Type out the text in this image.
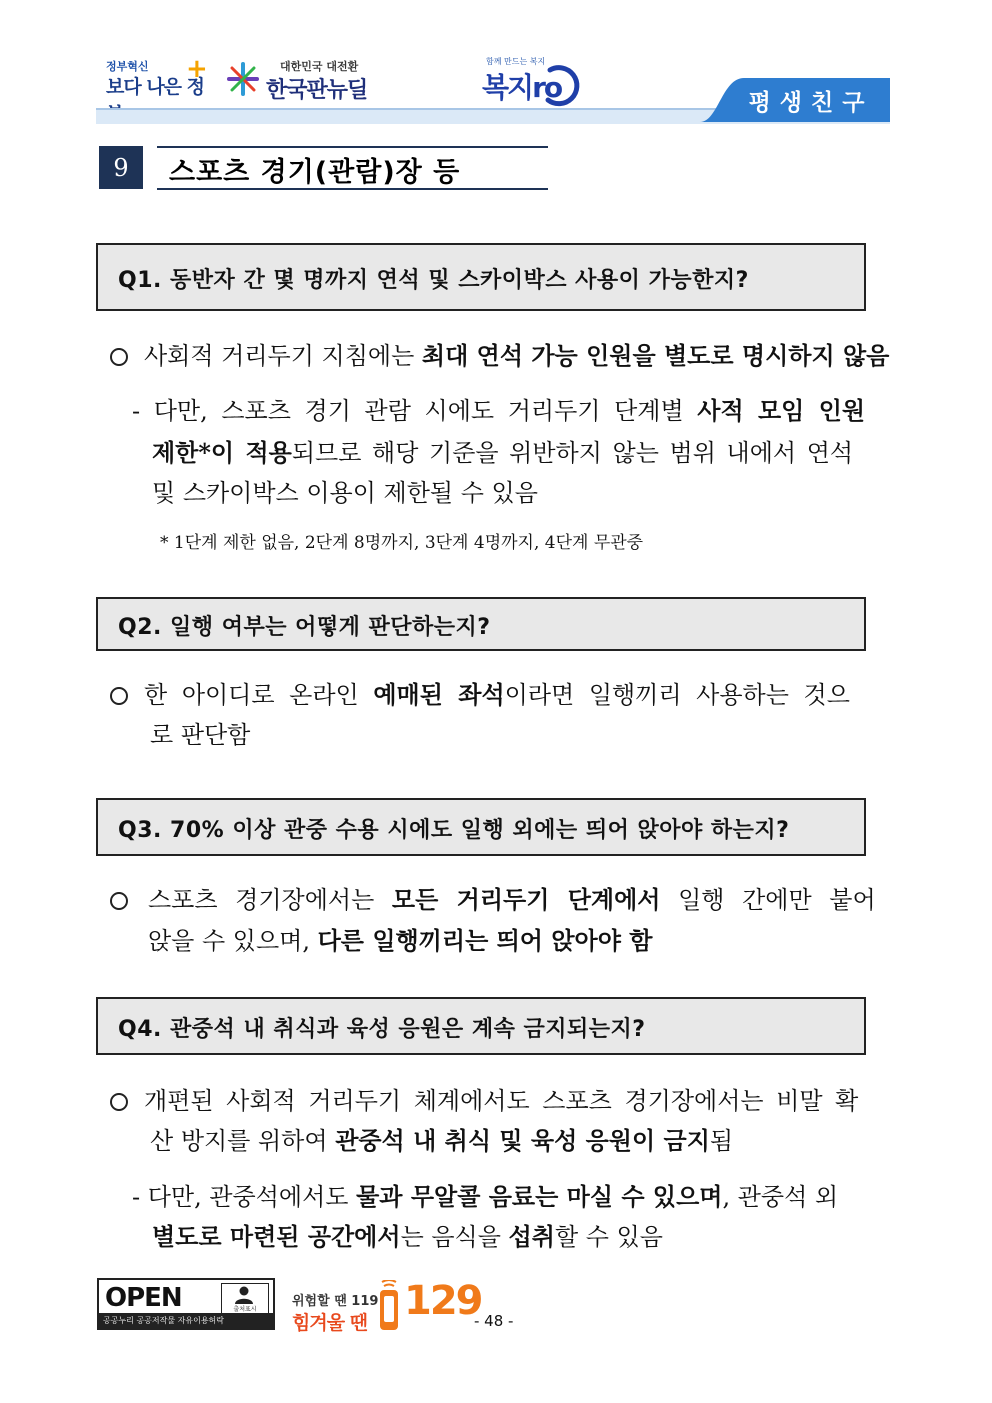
정부혁신
보다 나은 정
+	대한민국 대전환
한국판뉴딜
함께 만드는 복지
복지ro	평생친구
9	스포츠 경기(관람)장 등
Q1. 동반자 간 몇 명까지 연석 및 스카이박스 사용이 가능한지?
사회적 거리두기 지침에는 최대 연석 가능 인원을 별도로 명시하지 않음
- 다만, 스포츠 경기 관람 시에도 거리두기 단계별 사적 모임 인원
제한*이 적용되므로 해당 기준을 위반하지 않는 범위 내에서 연석
및 스카이박스 이용이 제한될 수 있음
* 1단계 제한 없음, 2단계 8명까지, 3단계 4명까지, 4단계 무관중
Q2. 일행 여부는 어떻게 판단하는지?
한 아이디로 온라인 예매된 좌석이라면 일행끼리 사용하는 것으
로 판단함
Q3. 70% 이상 관중 수용 시에도 일행 외에는 띄어 앉아야 하는지?
스포츠 경기장에서는 모든 거리두기 단계에서 일행 간에만 붙어
앉을 수 있으며, 다른 일행끼리는 띄어 앉아야 함
Q4. 관중석 내 취식과 육성 응원은 계속 금지되는지?
개편된 사회적 거리두기 체계에서도 스포츠 경기장에서는 비말 확
산 방지를 위하여 관중석 내 취식 및 육성 응원이 금지됨
- 다만, 관중석에서도 물과 무알콜 음료는 마실 수 있으며, 관중석 외
별도로 마련된 공간에서는 음식을 섭취할 수 있음
OPEN	출처표시
공공누리 공공저작물 자유이용허락
위험할 땐 119
힘겨울 땐 129
- 48 -
